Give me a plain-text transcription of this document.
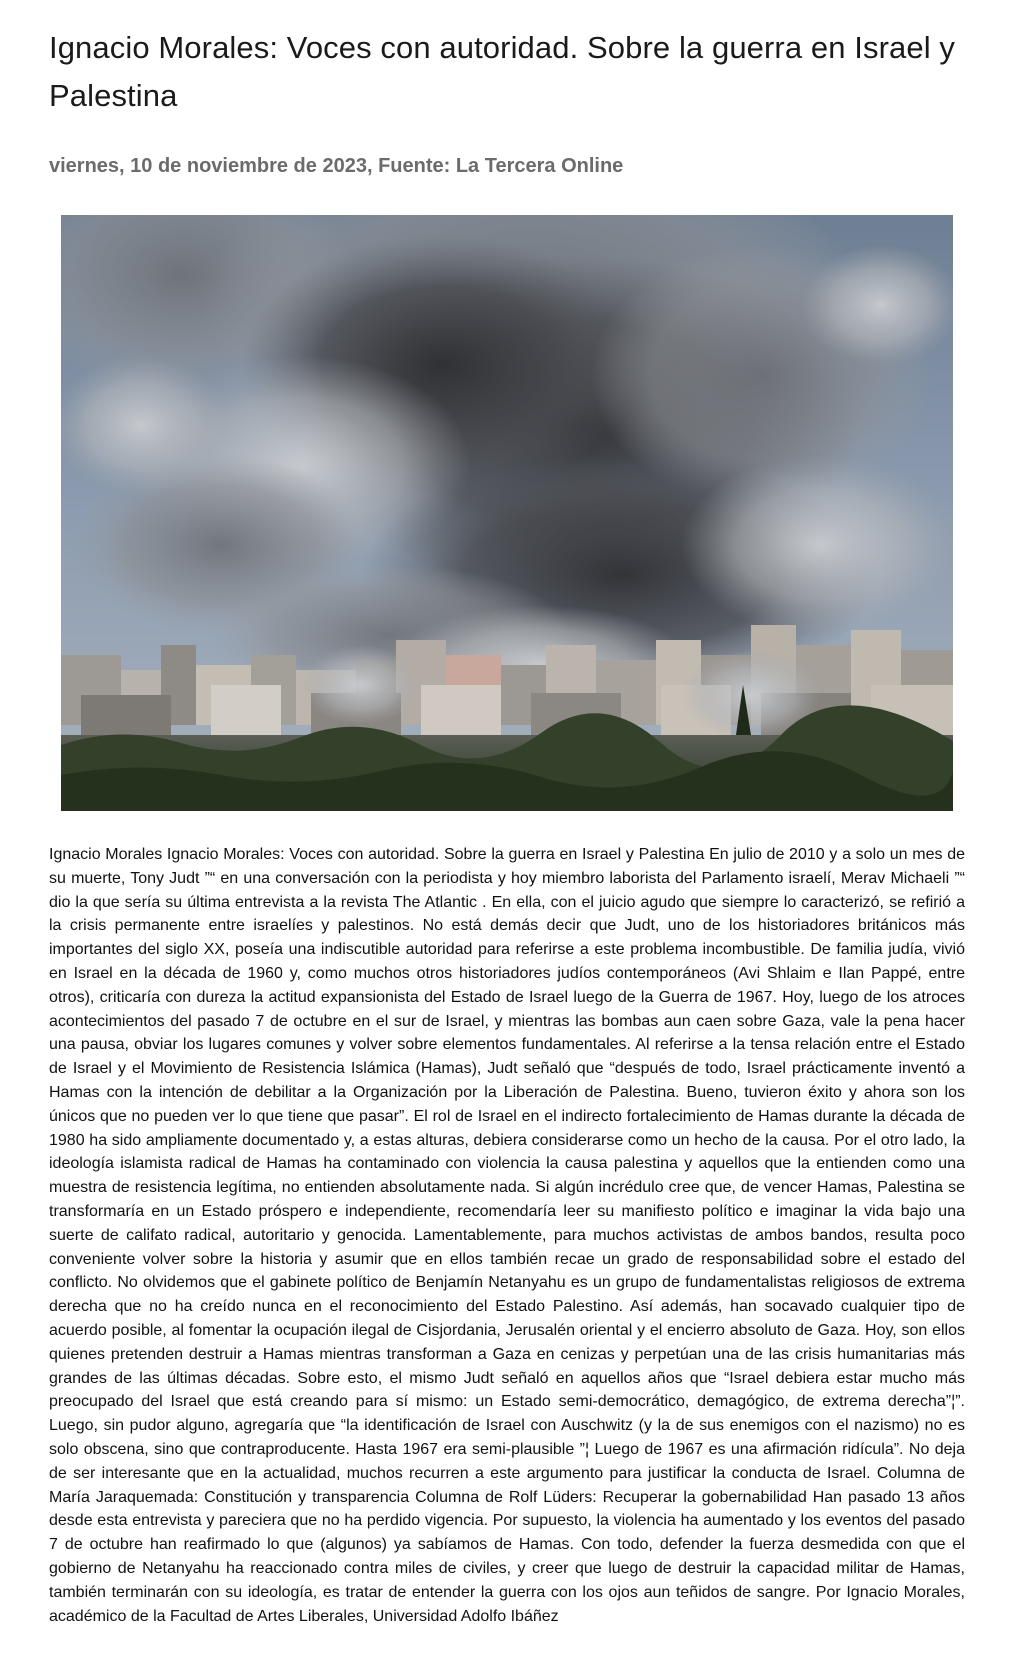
Ignacio Morales: Voces con autoridad. Sobre la guerra en Israel y Palestina
viernes, 10 de noviembre de 2023, Fuente: La Tercera Online

Ignacio Morales Ignacio Morales: Voces con autoridad. Sobre la guerra en Israel y Palestina En julio de 2010 y a solo un mes de su muerte, Tony Judt ”“ en una conversación con la periodista y hoy miembro laborista del Parlamento israelí, Merav Michaeli ”“ dio la que sería su última entrevista a la revista The Atlantic . En ella, con el juicio agudo que siempre lo caracterizó, se refirió a la crisis permanente entre israelíes y palestinos. No está demás decir que Judt, uno de los historiadores británicos más importantes del siglo XX, poseía una indiscutible autoridad para referirse a este problema incombustible. De familia judía, vivió en Israel en la década de 1960 y, como muchos otros historiadores judíos contemporáneos (Avi Shlaim e Ilan Pappé, entre otros), criticaría con dureza la actitud expansionista del Estado de Israel luego de la Guerra de 1967. Hoy, luego de los atroces acontecimientos del pasado 7 de octubre en el sur de Israel, y mientras las bombas aun caen sobre Gaza, vale la pena hacer una pausa, obviar los lugares comunes y volver sobre elementos fundamentales. Al referirse a la tensa relación entre el Estado de Israel y el Movimiento de Resistencia Islámica (Hamas), Judt señaló que “después de todo, Israel prácticamente inventó a Hamas con la intención de debilitar a la Organización por la Liberación de Palestina. Bueno, tuvieron éxito y ahora son los únicos que no pueden ver lo que tiene que pasar”. El rol de Israel en el indirecto fortalecimiento de Hamas durante la década de 1980 ha sido ampliamente documentado y, a estas alturas, debiera considerarse como un hecho de la causa. Por el otro lado, la ideología islamista radical de Hamas ha contaminado con violencia la causa palestina y aquellos que la entienden como una muestra de resistencia legítima, no entienden absolutamente nada. Si algún incrédulo cree que, de vencer Hamas, Palestina se transformaría en un Estado próspero e independiente, recomendaría leer su manifiesto político e imaginar la vida bajo una suerte de califato radical, autoritario y genocida. Lamentablemente, para muchos activistas de ambos bandos, resulta poco conveniente volver sobre la historia y asumir que en ellos también recae un grado de responsabilidad sobre el estado del conflicto. No olvidemos que el gabinete político de Benjamín Netanyahu es un grupo de fundamentalistas religiosos de extrema derecha que no ha creído nunca en el reconocimiento del Estado Palestino. Así además, han socavado cualquier tipo de acuerdo posible, al fomentar la ocupación ilegal de Cisjordania, Jerusalén oriental y el encierro absoluto de Gaza. Hoy, son ellos quienes pretenden destruir a Hamas mientras transforman a Gaza en cenizas y perpetúan una de las crisis humanitarias más grandes de las últimas décadas. Sobre esto, el mismo Judt señaló en aquellos años que “Israel debiera estar mucho más preocupado del Israel que está creando para sí mismo: un Estado semi-democrático, demagógico, de extrema derecha”¦”. Luego, sin pudor alguno, agregaría que “la identificación de Israel con Auschwitz (y la de sus enemigos con el nazismo) no es solo obscena, sino que contraproducente. Hasta 1967 era semi-plausible ”¦ Luego de 1967 es una afirmación ridícula”. No deja de ser interesante que en la actualidad, muchos recurren a este argumento para justificar la conducta de Israel. Columna de María Jaraquemada: Constitución y transparencia Columna de Rolf Lüders: Recuperar la gobernabilidad Han pasado 13 años desde esta entrevista y pareciera que no ha perdido vigencia. Por supuesto, la violencia ha aumentado y los eventos del pasado 7 de octubre han reafirmado lo que (algunos) ya sabíamos de Hamas. Con todo, defender la fuerza desmedida con que el gobierno de Netanyahu ha reaccionado contra miles de civiles, y creer que luego de destruir la capacidad militar de Hamas, también terminarán con su ideología, es tratar de entender la guerra con los ojos aun teñidos de sangre. Por Ignacio Morales, académico de la Facultad de Artes Liberales, Universidad Adolfo Ibáñez
